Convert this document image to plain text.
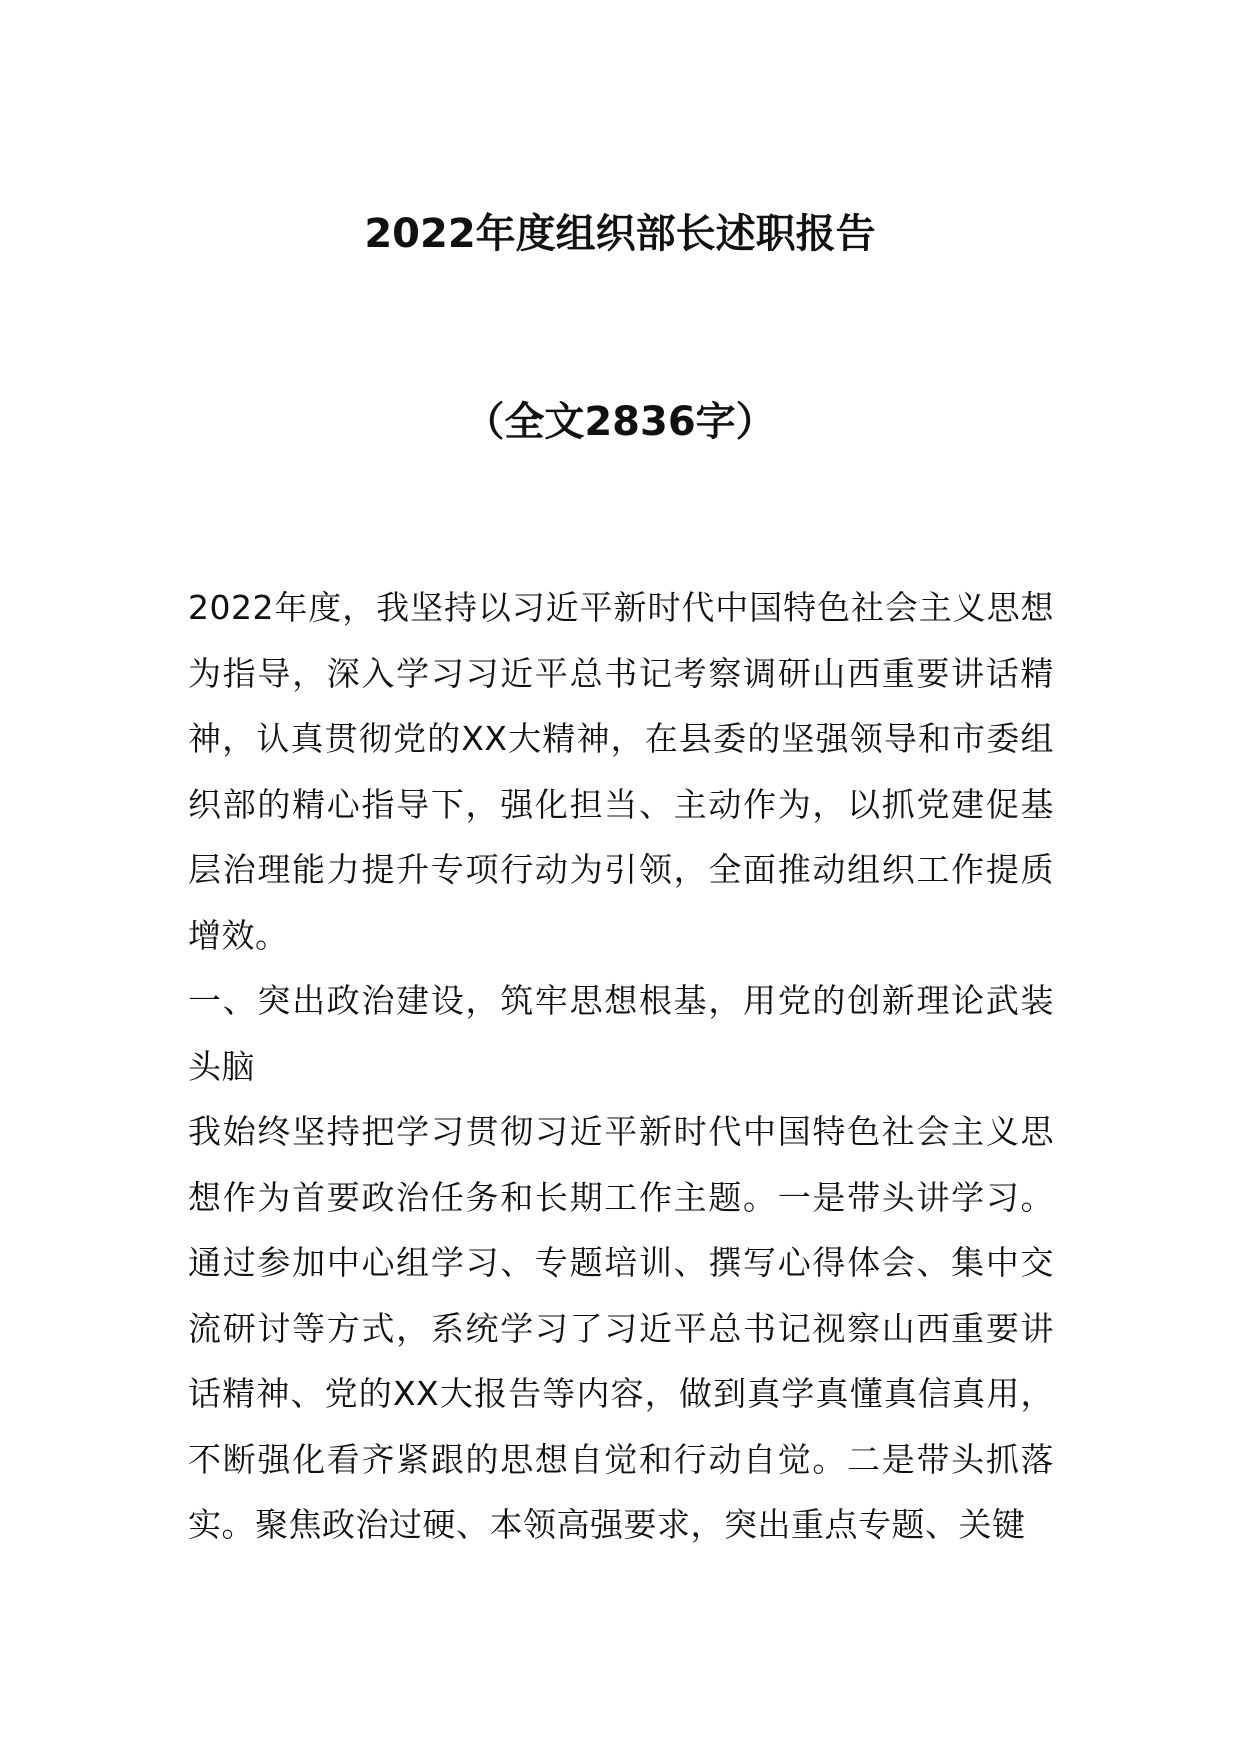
2022年度组织部长述职报告
（全文2836字）

2022年度，我坚持以习近平新时代中国特色社会主义思想为指导，深入学习习近平总书记考察调研山西重要讲话精神，认真贯彻党的XX大精神，在县委的坚强领导和市委组织部的精心指导下，强化担当、主动作为，以抓党建促基层治理能力提升专项行动为引领，全面推动组织工作提质增效。

一、突出政治建设，筑牢思想根基，用党的创新理论武装头脑

我始终坚持把学习贯彻习近平新时代中国特色社会主义思想作为首要政治任务和长期工作主题。一是带头讲学习。通过参加中心组学习、专题培训、撰写心得体会、集中交流研讨等方式，系统学习了习近平总书记视察山西重要讲话精神、党的XX大报告等内容，做到真学真懂真信真用，不断强化看齐紧跟的思想自觉和行动自觉。二是带头抓落实。聚焦政治过硬、本领高强要求，突出重点专题、关键
